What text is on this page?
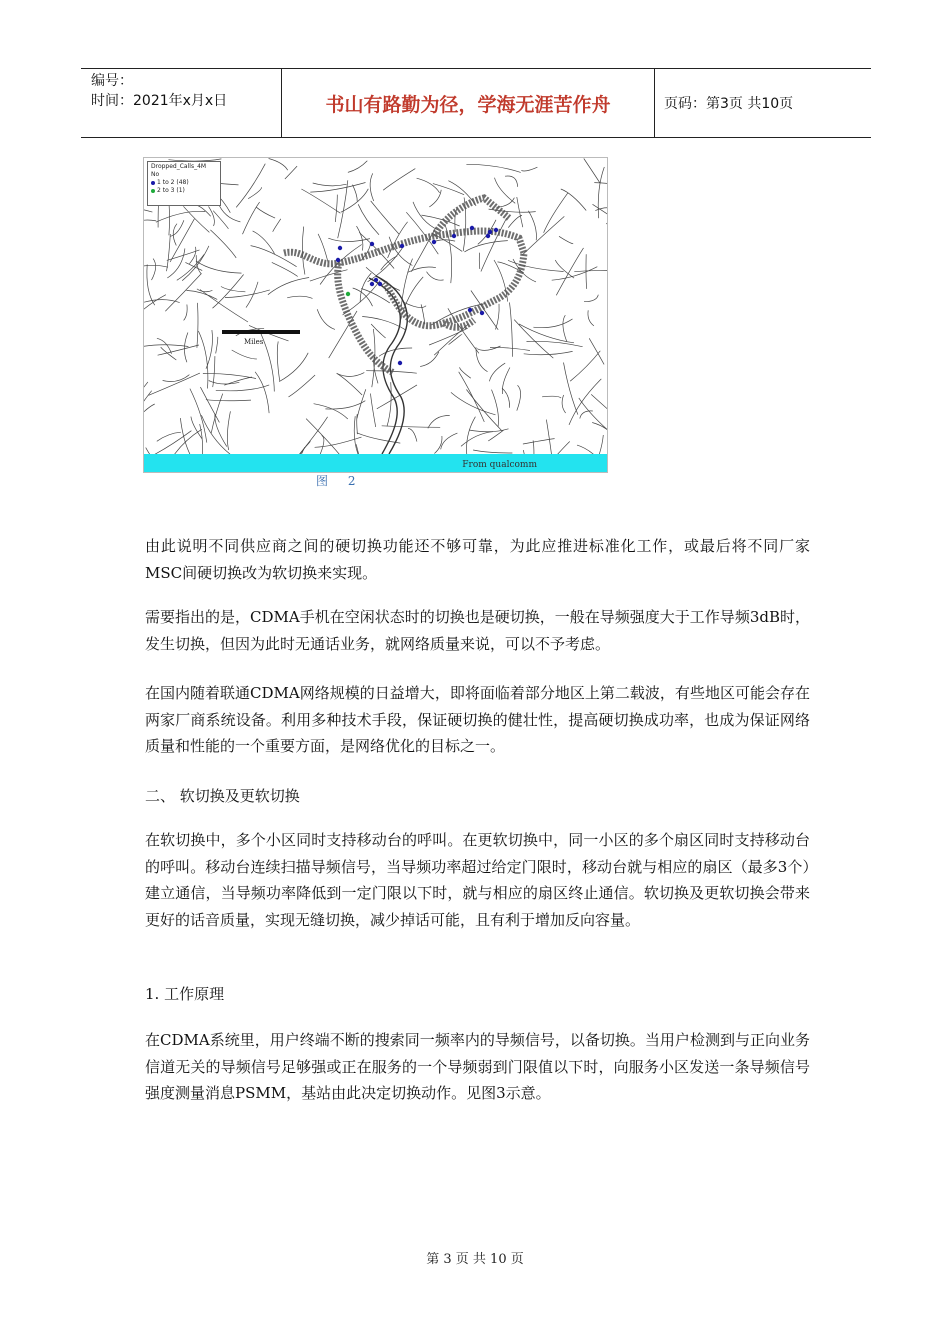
编号：
时间：2021年x月x日	书山有路勤为径，学海无涯苦作舟	页码：第3页 共10页
Miles
Dropped_Calls_4M
No
1 to 2 (48)
2 to 3 (1)
From qualcomm
图 2
由此说明不同供应商之间的硬切换功能还不够可靠，为此应推进标准化工作，或最后将不同厂家MSC间硬切换改为软切换来实现。
需要指出的是，CDMA手机在空闲状态时的切换也是硬切换，一般在导频强度大于工作导频3dB时，发生切换，但因为此时无通话业务，就网络质量来说，可以不予考虑。
在国内随着联通CDMA网络规模的日益增大，即将面临着部分地区上第二载波，有些地区可能会存在两家厂商系统设备。利用多种技术手段，保证硬切换的健壮性，提高硬切换成功率，也成为保证网络质量和性能的一个重要方面，是网络优化的目标之一。
二、 软切换及更软切换
在软切换中，多个小区同时支持移动台的呼叫。在更软切换中，同一小区的多个扇区同时支持移动台的呼叫。移动台连续扫描导频信号，当导频功率超过给定门限时，移动台就与相应的扇区（最多3个）建立通信，当导频功率降低到一定门限以下时，就与相应的扇区终止通信。软切换及更软切换会带来更好的话音质量，实现无缝切换，减少掉话可能，且有利于增加反向容量。
1. 工作原理
在CDMA系统里，用户终端不断的搜索同一频率内的导频信号，以备切换。当用户检测到与正向业务信道无关的导频信号足够强或正在服务的一个导频弱到门限值以下时，向服务小区发送一条导频信号强度测量消息PSMM，基站由此决定切换动作。见图3示意。
第 3 页 共 10 页
